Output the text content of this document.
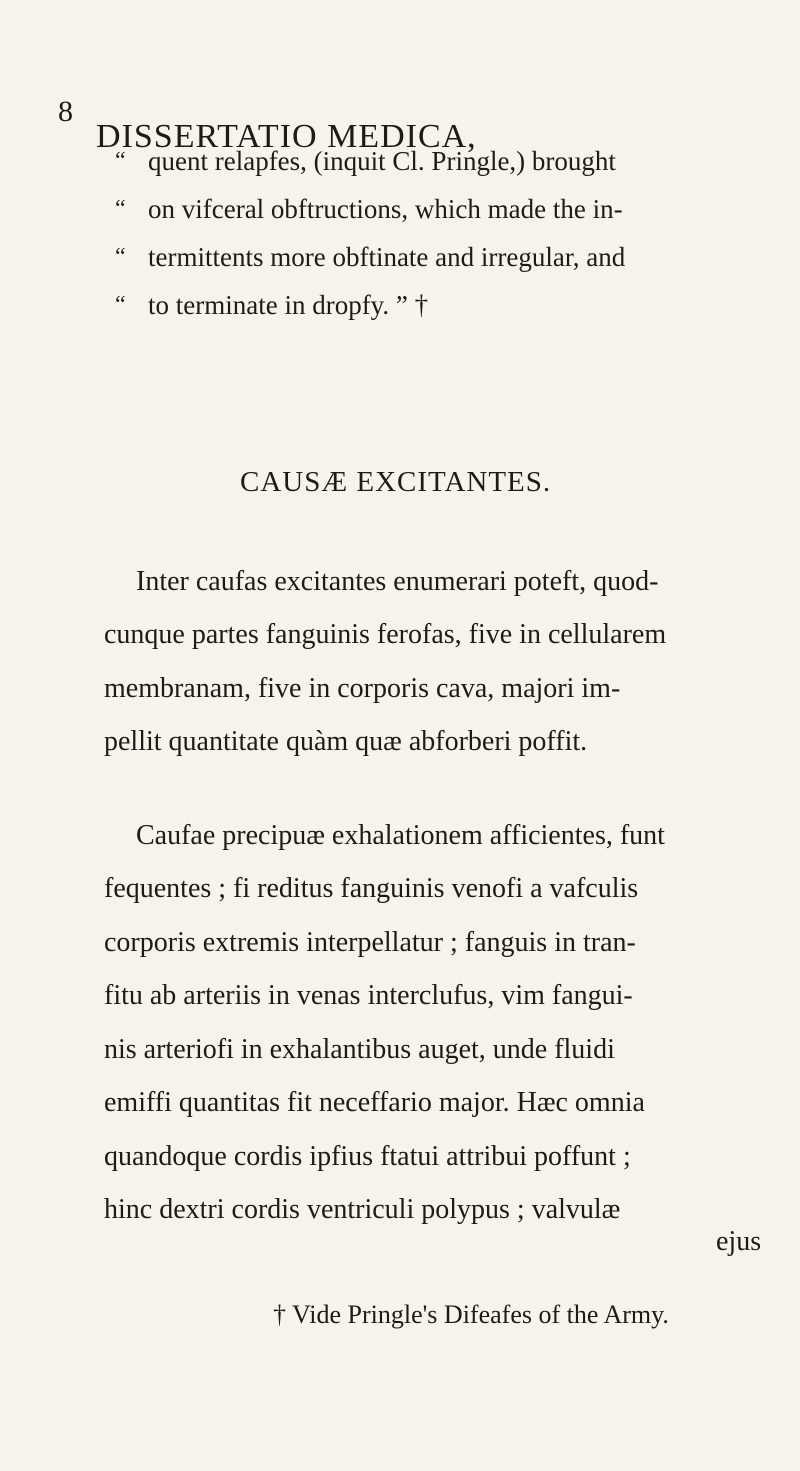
8
DISSERTATIO MEDICA,
“ quent relapfes, (inquit Cl. Pringle,) brought
“ on vifceral obftructions, which made the in-
“ termittents more obftinate and irregular, and
“ to terminate in dropfy. ” †
CAUSÆ EXCITANTES.
Inter caufas excitantes enumerari poteft, quod-
cunque partes fanguinis ferofas, five in cellularem
membranam, five in corporis cava, majori im-
pellit quantitate quàm quæ abforberi poffit.
Caufae precipuæ exhalationem afficientes, funt
fequentes ; fi reditus fanguinis venofi a vafculis
corporis extremis interpellatur ; fanguis in tran-
fitu ab arteriis in venas interclufus, vim fangui-
nis arteriofi in exhalantibus auget, unde fluidi
emiffi quantitas fit neceffario major. Hæc omnia
quandoque cordis ipfius ftatui attribui poffunt ;
hinc dextri cordis ventriculi polypus ; valvulæ
ejus
† Vide Pringle's Difeafes of the Army.
